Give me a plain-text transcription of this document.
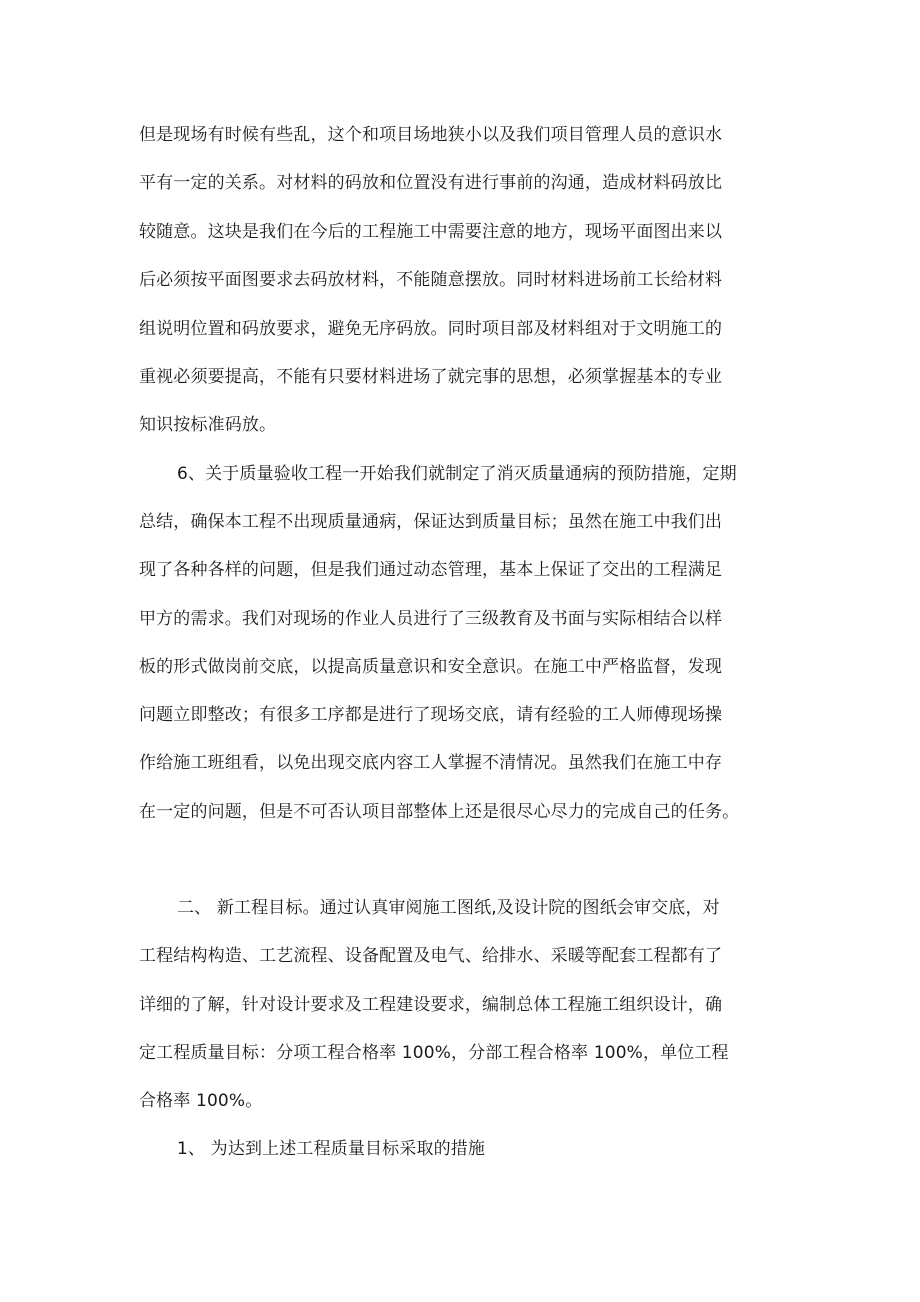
但是现场有时候有些乱，这个和项目场地狭小以及我们项目管理人员的意识水
平有一定的关系。对材料的码放和位置没有进行事前的沟通，造成材料码放比
较随意。这块是我们在今后的工程施工中需要注意的地方，现场平面图出来以
后必须按平面图要求去码放材料，不能随意摆放。同时材料进场前工长给材料
组说明位置和码放要求，避免无序码放。同时项目部及材料组对于文明施工的
重视必须要提高，不能有只要材料进场了就完事的思想，必须掌握基本的专业
知识按标准码放。
6、关于质量验收工程一开始我们就制定了消灭质量通病的预防措施，定期
总结，确保本工程不出现质量通病，保证达到质量目标；虽然在施工中我们出
现了各种各样的问题，但是我们通过动态管理，基本上保证了交出的工程满足
甲方的需求。我们对现场的作业人员进行了三级教育及书面与实际相结合以样
板的形式做岗前交底，以提高质量意识和安全意识。在施工中严格监督，发现
问题立即整改；有很多工序都是进行了现场交底，请有经验的工人师傅现场操
作给施工班组看，以免出现交底内容工人掌握不清情况。虽然我们在施工中存
在一定的问题，但是不可否认项目部整体上还是很尽心尽力的完成自己的任务。
二、 新工程目标。通过认真审阅施工图纸,及设计院的图纸会审交底，对
工程结构构造、工艺流程、设备配置及电气、给排水、采暖等配套工程都有了
详细的了解，针对设计要求及工程建设要求，编制总体工程施工组织设计，确
定工程质量目标：分项工程合格率 100%，分部工程合格率 100%，单位工程
合格率 100%。
1、 为达到上述工程质量目标采取的措施
